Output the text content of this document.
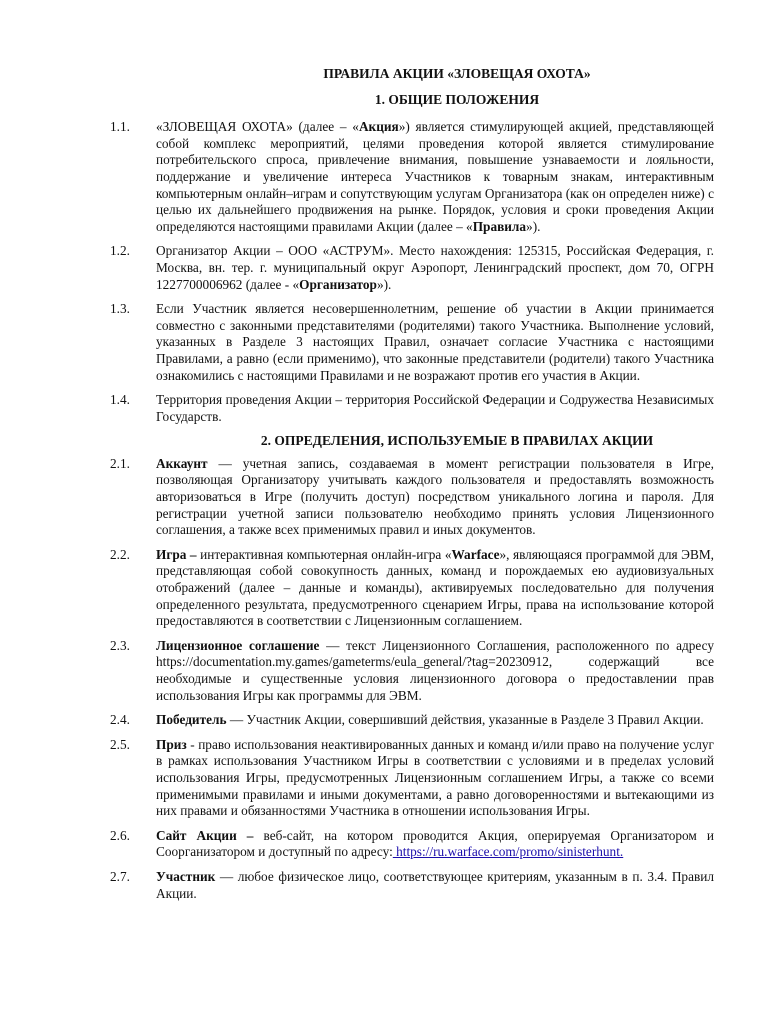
ПРАВИЛА АКЦИИ «ЗЛОВЕЩАЯ ОХОТА»
1. ОБЩИЕ ПОЛОЖЕНИЯ
1.1.	«ЗЛОВЕЩАЯ ОХОТА» (далее – «Акция») является стимулирующей акцией, представляющей собой комплекс мероприятий, целями проведения которой является стимулирование потребительского спроса, привлечение внимания, повышение узнаваемости и лояльности, поддержание и увеличение интереса Участников к товарным знакам, интерактивным компьютерным онлайн–играм и сопутствующим услугам Организатора (как он определен ниже) с целью их дальнейшего продвижения на рынке. Порядок, условия и сроки проведения Акции определяются настоящими правилами Акции (далее – «Правила»).
1.2.	Организатор Акции – ООО «АСТРУМ». Место нахождения: 125315, Российская Федерация, г. Москва, вн. тер. г. муниципальный округ Аэропорт, Ленинградский проспект, дом 70, ОГРН 1227700006962 (далее - «Организатор»).
1.3.	Если Участник является несовершеннолетним, решение об участии в Акции принимается совместно с законными представителями (родителями) такого Участника. Выполнение условий, указанных в Разделе 3 настоящих Правил, означает согласие Участника с настоящими Правилами, а равно (если применимо), что законные представители (родители) такого Участника ознакомились с настоящими Правилами и не возражают против его участия в Акции.
1.4.	Территория проведения Акции – территория Российской Федерации и Содружества Независимых Государств.
2. ОПРЕДЕЛЕНИЯ, ИСПОЛЬЗУЕМЫЕ В ПРАВИЛАХ АКЦИИ
2.1.	Аккаунт — учетная запись, создаваемая в момент регистрации пользователя в Игре, позволяющая Организатору учитывать каждого пользователя и предоставлять возможность авторизоваться в Игре (получить доступ) посредством уникального логина и пароля. Для регистрации учетной записи пользователю необходимо принять условия Лицензионного соглашения, а также всех применимых правил и иных документов.
2.2.	Игра – интерактивная компьютерная онлайн-игра «Warface», являющаяся программой для ЭВМ, представляющая собой совокупность данных, команд и порождаемых ею аудиовизуальных отображений (далее – данные и команды), активируемых последовательно для получения определенного результата, предусмотренного сценарием Игры, права на использование которой предоставляются в соответствии с Лицензионным соглашением.
2.3.	Лицензионное соглашение — текст Лицензионного Соглашения, расположенного по адресу https://documentation.my.games/gameterms/eula_general/?tag=20230912, содержащий все необходимые и существенные условия лицензионного договора о предоставлении прав использования Игры как программы для ЭВМ.
2.4.	Победитель — Участник Акции, совершивший действия, указанные в Разделе 3 Правил Акции.
2.5.	Приз - право использования неактивированных данных и команд и/или право на получение услуг в рамках использования Участником Игры в соответствии с условиями и в пределах условий использования Игры, предусмотренных Лицензионным соглашением Игры, а также со всеми применимыми правилами и иными документами, а равно договоренностями и вытекающими из них правами и обязанностями Участника в отношении использования Игры.
2.6.	Сайт Акции – веб-сайт, на котором проводится Акция, оперируемая Организатором и Соорганизатором и доступный по адресу: https://ru.warface.com/promo/sinisterhunt.
2.7.	Участник — любое физическое лицо, соответствующее критериям, указанным в п. 3.4. Правил Акции.
